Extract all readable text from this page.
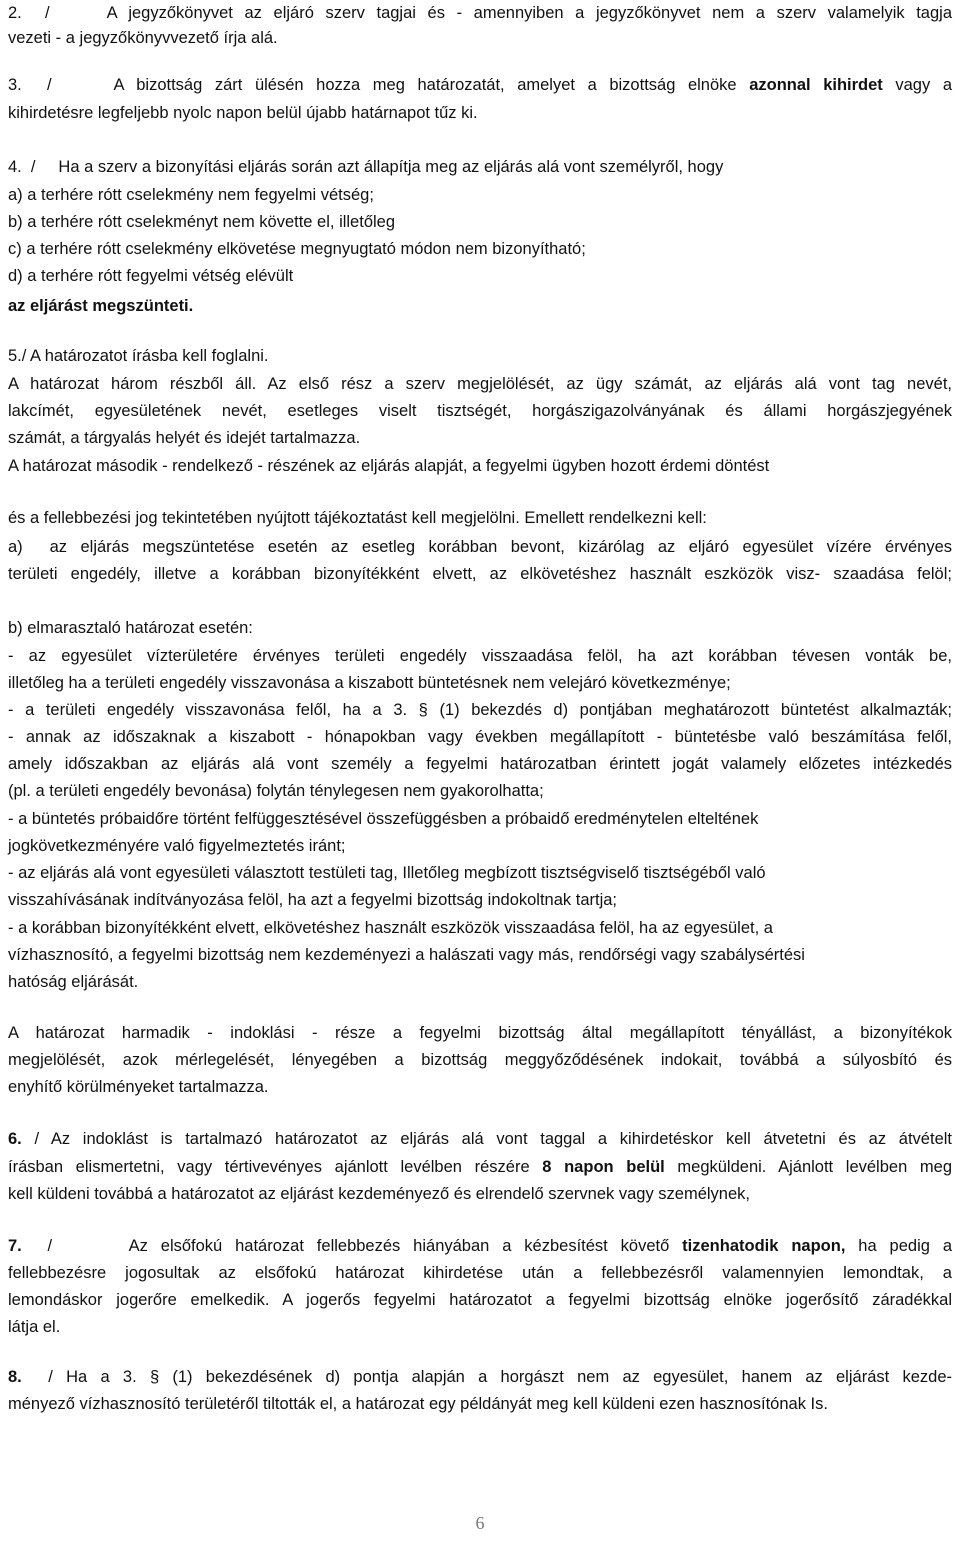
2.  /     A jegyzőkönyvet az eljáró szerv tagjai és - amennyiben a jegyzőkönyvet nem a szerv valamelyik tagja
vezeti - a jegyzőkönyvvezető írja alá.
3.  /     A bizottság zárt ülésén hozza meg határozatát, amelyet a bizottság elnöke azonnal kihirdet vagy a
kihirdetésre legfeljebb nyolc napon belül újabb határnapot tűz ki.
4.  /     Ha a szerv a bizonyítási eljárás során azt állapítja meg az eljárás alá vont személyről, hogy
a) a terhére rótt cselekmény nem fegyelmi vétség;
b) a terhére rótt cselekményt nem követte el, illetőleg
c) a terhére rótt cselekmény elkövetése megnyugtató módon nem bizonyítható;
d) a terhére rótt fegyelmi vétség elévült
az eljárást megszünteti.
5./ A határozatot írásba kell foglalni.
A határozat három részből áll. Az első rész a szerv megjelölését, az ügy számát, az eljárás alá vont tag nevét,
lakcímét, egyesületének nevét, esetleges viselt tisztségét, horgászigazolványának és állami horgászjegyének
számát, a tárgyalás helyét és idejét tartalmazza.
A határozat második - rendelkező - részének az eljárás alapját, a fegyelmi ügyben hozott érdemi döntést
és a fellebbezési jog tekintetében nyújtott tájékoztatást kell megjelölni. Emellett rendelkezni kell:
a)  az eljárás megszüntetése esetén az esetleg korábban bevont, kizárólag az eljáró egyesület vízére érvényes
területi engedély, illetve a korábban bizonyítékként elvett, az elkövetéshez használt eszközök visz- szaadása felöl;
b) elmarasztaló határozat esetén:
- az egyesület vízterületére érvényes területi engedély visszaadása felöl, ha azt korábban tévesen vonták be,
illetőleg ha a területi engedély visszavonása a kiszabott büntetésnek nem velejáró következménye;
- a területi engedély visszavonása felől, ha a 3. § (1) bekezdés d) pontjában meghatározott büntetést alkalmazták;
- annak az időszaknak a kiszabott - hónapokban vagy években megállapított - büntetésbe való beszámítása felől,
amely időszakban az eljárás alá vont személy a fegyelmi határozatban érintett jogát valamely előzetes intézkedés
(pl. a területi engedély bevonása) folytán ténylegesen nem gyakorolhatta;
- a büntetés próbaidőre történt felfüggesztésével összefüggésben a próbaidő eredménytelen elteltének
jogkövetkezményére való figyelmeztetés iránt;
- az eljárás alá vont egyesületi választott testületi tag, Illetőleg megbízott tisztségviselő tisztségéből való
visszahívásának indítványozása felöl, ha azt a fegyelmi bizottság indokoltnak tartja;
- a korábban bizonyítékként elvett, elkövetéshez használt eszközök visszaadása felöl, ha az egyesület, a
vízhasznosító, a fegyelmi bizottság nem kezdeményezi a halászati vagy más, rendőrségi vagy szabálysértési
hatóság eljárását.
A határozat harmadik - indoklási - része a fegyelmi bizottság által megállapított tényállást, a bizonyítékok
megjelölését, azok mérlegelését, lényegében a bizottság meggyőződésének indokait, továbbá a súlyosbító és
enyhítő körülményeket tartalmazza.
6. / Az indoklást is tartalmazó határozatot az eljárás alá vont taggal a kihirdetéskor kell átvetetni és az átvételt
írásban elismertetni, vagy tértivevényes ajánlott levélben részére 8 napon belül megküldeni. Ajánlott levélben meg
kell küldeni továbbá a határozatot az eljárást kezdeményező és elrendelő szervnek vagy személynek,
7.  /      Az elsőfokú határozat fellebbezés hiányában a kézbesítést követő tizenhatodik napon, ha pedig a
fellebbezésre jogosultak az elsőfokú határozat kihirdetése után a fellebbezésről valamennyien lemondtak, a
lemondáskor jogerőre emelkedik. A jogerős fegyelmi határozatot a fegyelmi bizottság elnöke jogerősítő záradékkal
látja el.
8.  / Ha a 3. § (1) bekezdésének d) pontja alapján a horgászt nem az egyesület, hanem az eljárást kezde-
ményező vízhasznosító területéről tiltották el, a határozat egy példányát meg kell küldeni ezen hasznosítónak Is.
6
